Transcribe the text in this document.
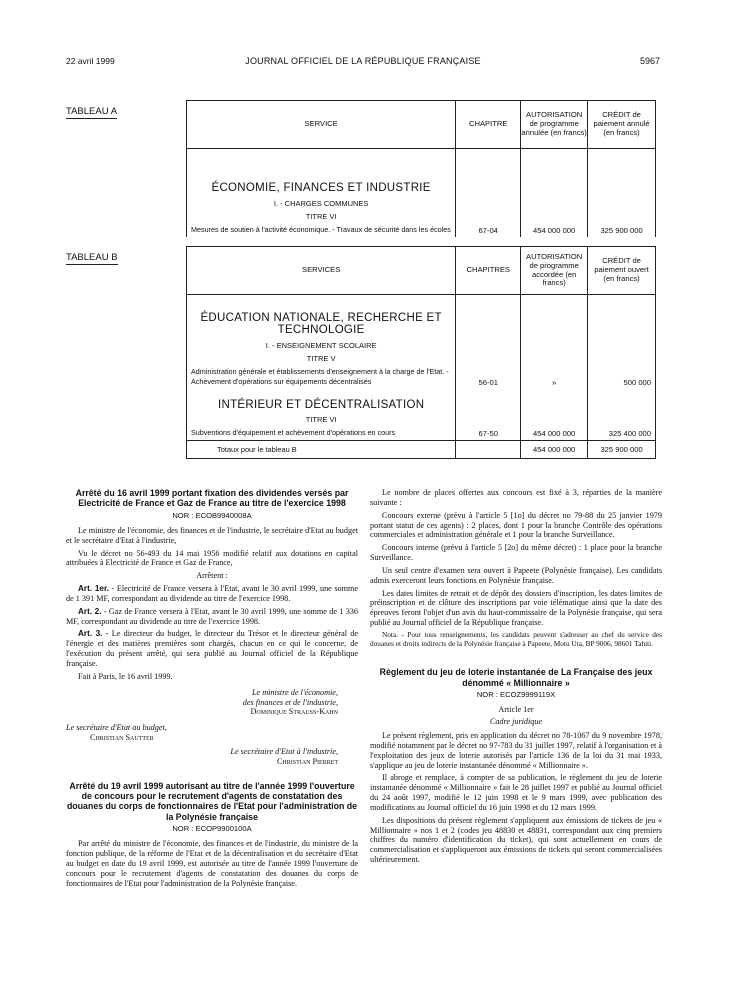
22 avril 1999	JOURNAL OFFICIEL DE LA RÉPUBLIQUE FRANÇAISE	5967
TABLEAU A
SERVICE	CHAPITRE	AUTORISATION de programme annulée (en francs)	CRÉDIT de paiement annulé (en francs)

ÉCONOMIE, FINANCES ET INDUSTRIE
I. - CHARGES COMMUNES
TITRE VI
Mesures de soutien à l'activité économique. - Travaux de sécurité dans les écoles	67-04	454 000 000	325 900 000
TABLEAU B
SERVICES	CHAPITRES	AUTORISATION de programme accordée (en francs)	CRÉDIT de paiement ouvert (en francs)

ÉDUCATION NATIONALE, RECHERCHE ET TECHNOLOGIE
I. - ENSEIGNEMENT SCOLAIRE
TITRE V
Administration générale et établissements d'enseignement à la charge de l'Etat. - Achèvement d'opérations sur équipements décentralisés	56-01	»	500 000

INTÉRIEUR ET DÉCENTRALISATION
TITRE VI
Subventions d'équipement et achèvement d'opérations en cours	67-50	454 000 000	325 400 000
Totaux pour le tableau B		454 000 000	325 900 000
Arrêté du 16 avril 1999 portant fixation des dividendes versés par Electricité de France et Gaz de France au titre de l'exercice 1998
NOR : ECOB9940008A

Le ministre de l'économie, des finances et de l'industrie, le secrétaire d'Etat au budget et le secrétaire d'Etat à l'industrie,

Vu le décret no 56-493 du 14 mai 1956 modifié relatif aux dotations en capital attribuées à Electricité de France et Gaz de France,

Arrêtent :

Art. 1er. - Electricité de France versera à l'Etat, avant le 30 avril 1999, une somme de 1 391 MF, correspondant au dividende au titre de l'exercice 1998.

Art. 2. - Gaz de France versera à l'Etat, avant le 30 avril 1999, une somme de 1 336 MF, correspondant au dividende au titre de l'exercice 1998.

Art. 3. - Le directeur du budget, le directeur du Trésor et le directeur général de l'énergie et des matières premières sont chargés, chacun en ce qui le concerne, de l'exécution du présent arrêté, qui sera publié au Journal officiel de la République française.

Fait à Paris, le 16 avril 1999.

Le ministre de l'économie,
des finances et de l'industrie,
Dominique Strauss-Kahn
Le secrétaire d'Etat au budget,
Christian Sautter
Le secrétaire d'Etat à l'industrie,
Christian Pierret
Arrêté du 19 avril 1999 autorisant au titre de l'année 1999 l'ouverture de concours pour le recrutement d'agents de constatation des douanes du corps de fonctionnaires de l'Etat pour l'administration de la Polynésie française
NOR : ECOP9900100A

Par arrêté du ministre de l'économie, des finances et de l'industrie, du ministre de la fonction publique, de la réforme de l'Etat et de la décentralisation et du secrétaire d'Etat au budget en date du 19 avril 1999, est autorisée au titre de l'année 1999 l'ouverture de concours pour le recrutement d'agents de constatation des douanes du corps de fonctionnaires de l'Etat pour l'administration de la Polynésie française.

Le nombre de places offertes aux concours est fixé à 3, réparties de la manière suivante :

Concours externe (prévu à l'article 5 [1o] du décret no 79-88 du 25 janvier 1979 portant statut de ces agents) : 2 places, dont 1 pour la branche Contrôle des opérations commerciales et administration générale et 1 pour la branche Surveillance.

Concours interne (prévu à l'article 5 [2o] du même décret) : 1 place pour la branche Surveillance.

Un seul centre d'examen sera ouvert à Papeete (Polynésie française). Les candidats admis exerceront leurs fonctions en Polynésie française.

Les dates limites de retrait et de dépôt des dossiers d'inscription, les dates limites de préinscription et de clôture des inscriptions par voie télématique ainsi que la date des épreuves feront l'objet d'un avis du haut-commissaire de la Polynésie française, qui sera publié au Journal officiel de la République française.

Nota. - Pour tous renseignements, les candidats peuvent s'adresser au chef du service des douanes et droits indirects de la Polynésie française à Papeete, Motu Uta, BP 9006, 98601 Tahiti.

Règlement du jeu de loterie instantanée de La Française des jeux dénommé « Millionnaire »
NOR : ECOZ9999119X
Article 1er
Cadre juridique

Le présent règlement, pris en application du décret no 78-1067 du 9 novembre 1978, modifié notamment par le décret no 97-783 du 31 juillet 1997, relatif à l'organisation et à l'exploitation des jeux de loterie autorisés par l'article 136 de la loi du 31 mai 1933, s'applique au jeu de loterie instantanée dénommé « Millionnaire ».

Il abroge et remplace, à compter de sa publication, le règlement du jeu de loterie instantanée dénommé « Millionnaire » fait le 28 juillet 1997 et publié au Journal officiel du 24 août 1997, modifié le 12 juin 1998 et le 9 mars 1999, avec publication des modifications au Journal officiel du 16 juin 1998 et du 12 mars 1999.

Les dispositions du présent règlement s'appliquent aux émissions de tickets de jeu « Millionnaire » nos 1 et 2 (codes jeu 48830 et 48831, correspondant aux cinq premiers chiffres du numéro d'identification du ticket), qui sont actuellement en cours de commercialisation et s'appliqueront aux émissions de tickets qui seront commercialisées ultérieurement.
